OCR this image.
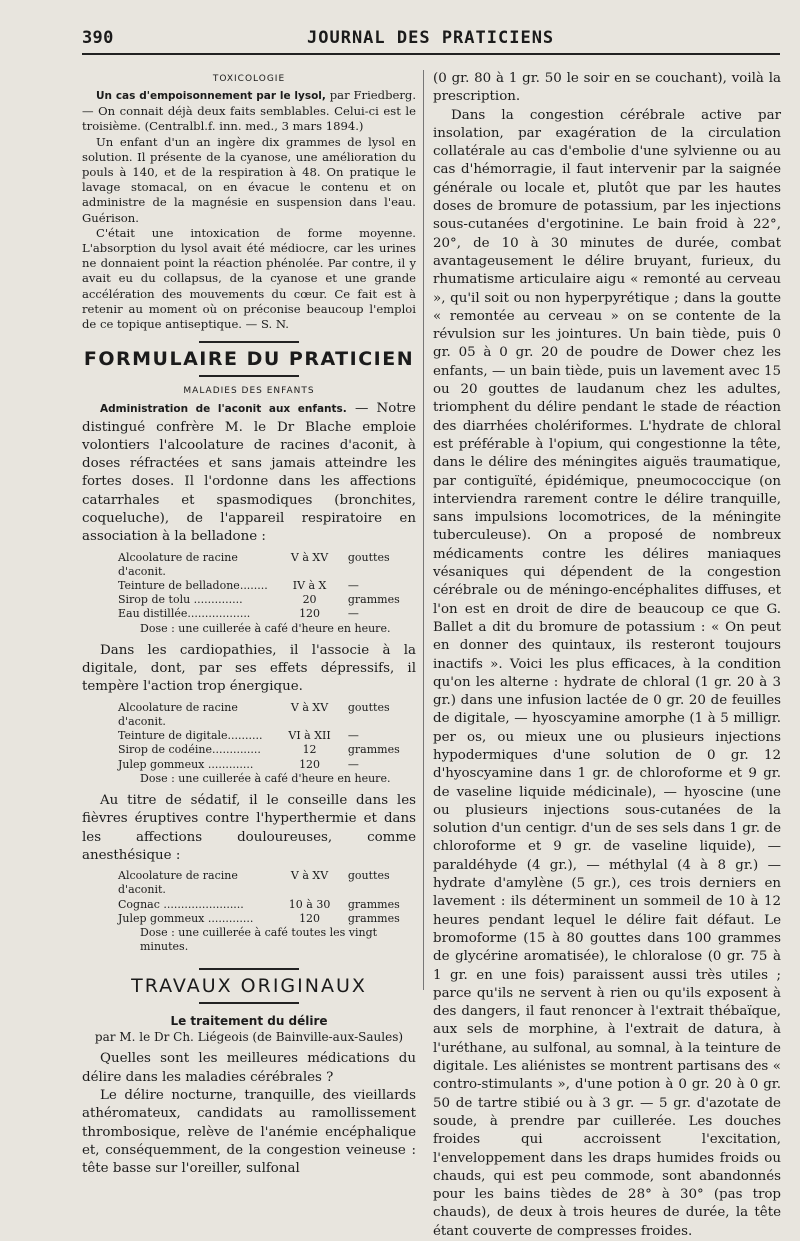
390	JOURNAL DES PRATICIENS
TOXICOLOGIE

Un cas d'empoisonnement par le lysol, par Friedberg. — On connait déjà deux faits semblables. Celui-ci est le troisième. (Centralbl.f. inn. med., 3 mars 1894.)

Un enfant d'un an ingère dix grammes de lysol en solution. Il présente de la cyanose, une amélioration du pouls à 140, et de la respiration à 48. On pratique le lavage stomacal, on en évacue le contenu et on administre de la magnésie en suspension dans l'eau. Guérison.

C'était une intoxication de forme moyenne. L'absorption du lysol avait été médiocre, car les urines ne donnaient point la réaction phénolée. Par contre, il y avait eu du collapsus, de la cyanose et une grande accélération des mouvements du cœur. Ce fait est à retenir au moment où on préconise beaucoup l'emploi de ce topique antiseptique. — S. N.

FORMULAIRE DU PRATICIEN
MALADIES DES ENFANTS

Administration de l'aconit aux enfants. — Notre distingué confrère M. le Dr Blache emploie volontiers l'alcoolature de racines d'aconit, à doses réfractées et sans jamais atteindre les fortes doses. Il l'ordonne dans les affections catarrhales et spasmodiques (bronchites, coqueluche), de l'appareil respiratoire en association à la belladone :

Alcoolature de racine d'aconit.
V à XV	gouttes
Teinture de belladone........	IV à X	—
Sirop de tolu ..............	20	grammes
Eau distillée..................	120	—
Dose : une cuillerée à café d'heure en heure.

Dans les cardiopathies, il l'associe à la digitale, dont, par ses effets dépressifs, il tempère l'action trop énergique.

Alcoolature de racine d'aconit.
V à XV	gouttes
Teinture de digitale..........	VI à XII	—
Sirop de codéine..............	12	grammes
Julep gommeux .............	120	—
Dose : une cuillerée à café d'heure en heure.

Au titre de sédatif, il le conseille dans les fièvres éruptives contre l'hyperthermie et dans les affections douloureuses, comme anesthésique :

Alcoolature de racine d'aconit.
V à XV	gouttes
Cognac .......................	10 à 30	grammes
Julep gommeux .............	120	grammes
Dose : une cuillerée à café toutes les vingt minutes.
TRAVAUX ORIGINAUX
Le traitement du délire
par M. le Dr Ch. Liégeois (de Bainville-aux-Saules)

Quelles sont les meilleures médications du délire dans les maladies cérébrales ?

Le délire nocturne, tranquille, des vieillards athéromateux, candidats au ramollissement thrombosique, relève de l'anémie encéphalique et, conséquemment, de la congestion veineuse : tête basse sur l'oreiller, sulfonal

(0 gr. 80 à 1 gr. 50 le soir en se couchant), voilà la prescription.

Dans la congestion cérébrale active par insolation, par exagération de la circulation collatérale au cas d'embolie d'une sylvienne ou au cas d'hémorragie, il faut intervenir par la saignée générale ou locale et, plutôt que par les hautes doses de bromure de potassium, par les injections sous-cutanées d'ergotinine. Le bain froid à 22°, 20°, de 10 à 30 minutes de durée, combat avantageusement le délire bruyant, furieux, du rhumatisme articulaire aigu « remonté au cerveau », qu'il soit ou non hyperpyrétique ; dans la goutte « remontée au cerveau » on se contente de la révulsion sur les jointures. Un bain tiède, puis 0 gr. 05 à 0 gr. 20 de poudre de Dower chez les enfants, — un bain tiède, puis un lavement avec 15 ou 20 gouttes de laudanum chez les adultes, triomphent du délire pendant le stade de réaction des diarrhées cholériformes. L'hydrate de chloral est préférable à l'opium, qui congestionne la tête, dans le délire des méningites aiguës traumatique, par contiguïté, épidémique, pneumococcique (on interviendra rarement contre le délire tranquille, sans impulsions locomotrices, de la méningite tuberculeuse). On a proposé de nombreux médicaments contre les délires maniaques vésaniques qui dépendent de la congestion cérébrale ou de méningo-encéphalites diffuses, et l'on est en droit de dire de beaucoup ce que G. Ballet a dit du bromure de potassium : « On peut en donner des quintaux, ils resteront toujours inactifs ». Voici les plus efficaces, à la condition qu'on les alterne : hydrate de chloral (1 gr. 20 à 3 gr.) dans une infusion lactée de 0 gr. 20 de feuilles de digitale, — hyoscyamine amorphe (1 à 5 milligr. per os, ou mieux une ou plusieurs injections hypodermiques d'une solution de 0 gr. 12 d'hyoscyamine dans 1 gr. de chloroforme et 9 gr. de vaseline liquide médicinale), — hyoscine (une ou plusieurs injections sous-cutanées de la solution d'un centigr. d'un de ses sels dans 1 gr. de chloroforme et 9 gr. de vaseline liquide), — paraldéhyde (4 gr.), — méthylal (4 à 8 gr.) — hydrate d'amylène (5 gr.), ces trois derniers en lavement : ils déterminent un sommeil de 10 à 12 heures pendant lequel le délire fait défaut. Le bromoforme (15 à 80 gouttes dans 100 grammes de glycérine aromatisée), le chloralose (0 gr. 75 à 1 gr. en une fois) paraissent aussi très utiles ; parce qu'ils ne servent à rien ou qu'ils exposent à des dangers, il faut renoncer à l'extrait thébaïque, aux sels de morphine, à l'extrait de datura, à l'uréthane, au sulfonal, au somnal, à la teinture de digitale. Les aliénistes se montrent partisans des « contro-stimulants », d'une potion à 0 gr. 20 à 0 gr. 50 de tartre stibié ou à 3 gr. — 5 gr. d'azotate de soude, à prendre par cuillerée. Les douches froides qui accroissent l'excitation, l'enveloppement dans les draps humides froids ou chauds, qui est peu commode, sont abandonnés pour les bains tièdes de 28° à 30° (pas trop chauds), de deux à trois heures de durée, la tête étant couverte de compresses froides.
